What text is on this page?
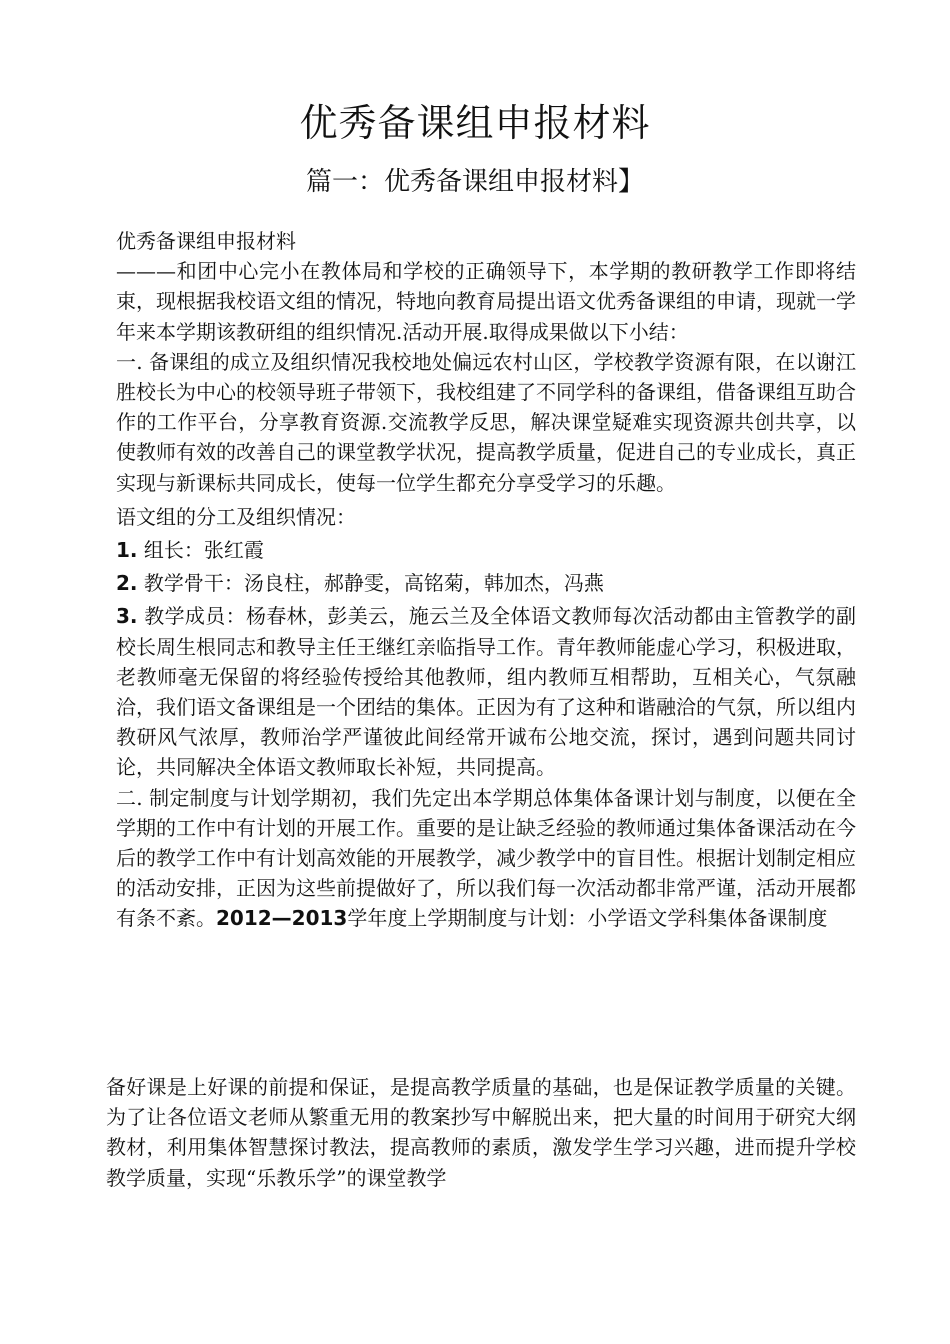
优秀备课组申报材料
篇一：优秀备课组申报材料】

优秀备课组申报材料

———和团中心完小在教体局和学校的正确领导下，本学期的教研教学工作即将结束，现根据我校语文组的情况，特地向教育局提出语文优秀备课组的申请，现就一学年来本学期该教研组的组织情况.活动开展.取得成果做以下小结：

一. 备课组的成立及组织情况我校地处偏远农村山区，学校教学资源有限，在以谢江胜校长为中心的校领导班子带领下，我校组建了不同学科的备课组，借备课组互助合作的工作平台，分享教育资源.交流教学反思，解决课堂疑难实现资源共创共享，以使教师有效的改善自己的课堂教学状况，提高教学质量，促进自己的专业成长，真正实现与新课标共同成长，使每一位学生都充分享受学习的乐趣。

语文组的分工及组织情况：

1. 组长：张红霞

2. 教学骨干：汤良柱，郝静雯，高铭菊，韩加杰，冯燕

3. 教学成员：杨春林，彭美云，施云兰及全体语文教师每次活动都由主管教学的副校长周生根同志和教导主任王继红亲临指导工作。青年教师能虚心学习，积极进取，老教师毫无保留的将经验传授给其他教师，组内教师互相帮助，互相关心，气氛融洽，我们语文备课组是一个团结的集体。正因为有了这种和谐融洽的气氛，所以组内教研风气浓厚，教师治学严谨彼此间经常开诚布公地交流，探讨，遇到问题共同讨论，共同解决全体语文教师取长补短，共同提高。

二. 制定制度与计划学期初，我们先定出本学期总体集体备课计划与制度，以便在全学期的工作中有计划的开展工作。重要的是让缺乏经验的教师通过集体备课活动在今后的教学工作中有计划高效能的开展教学，减少教学中的盲目性。根据计划制定相应的活动安排，正因为这些前提做好了，所以我们每一次活动都非常严谨，活动开展都有条不紊。2012—2013学年度上学期制度与计划：小学语文学科集体备课制度

备好课是上好课的前提和保证，是提高教学质量的基础，也是保证教学质量的关键。为了让各位语文老师从繁重无用的教案抄写中解脱出来，把大量的时间用于研究大纲教材，利用集体智慧探讨教法，提高教师的素质，激发学生学习兴趣，进而提升学校教学质量，实现“乐教乐学”的课堂教学
